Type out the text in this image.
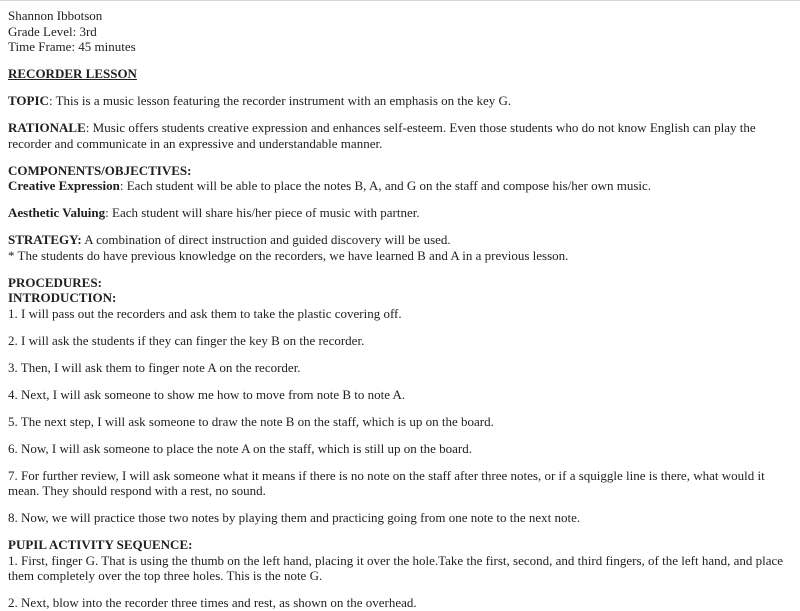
Shannon Ibbotson
Grade Level: 3rd
Time Frame: 45 minutes
RECORDER LESSON
TOPIC: This is a music lesson featuring the recorder instrument with an emphasis on the key G.
RATIONALE: Music offers students creative expression and enhances self-esteem. Even those students who do not know English can play the recorder and communicate in an expressive and understandable manner.
COMPONENTS/OBJECTIVES:
Creative Expression: Each student will be able to place the notes B, A, and G on the staff and compose his/her own music.
Aesthetic Valuing: Each student will share his/her piece of music with partner.
STRATEGY: A combination of direct instruction and guided discovery will be used.
* The students do have previous knowledge on the recorders, we have learned B and A in a previous lesson.
PROCEDURES:
INTRODUCTION:
1. I will pass out the recorders and ask them to take the plastic covering off.
2. I will ask the students if they can finger the key B on the recorder.
3. Then, I will ask them to finger note A on the recorder.
4. Next, I will ask someone to show me how to move from note B to note A.
5. The next step, I will ask someone to draw the note B on the staff, which is up on the board.
6. Now, I will ask someone to place the note A on the staff, which is still up on the board.
7. For further review, I will ask someone what it means if there is no note on the staff after three notes, or if a squiggle line is there, what would it mean. They should respond with a rest, no sound.
8. Now, we will practice those two notes by playing them and practicing going from one note to the next note.
PUPIL ACTIVITY SEQUENCE:
1. First, finger G. That is using the thumb on the left hand, placing it over the hole.Take the first, second, and third fingers, of the left hand, and place them completely over the top three holes. This is the note G.
2. Next, blow into the recorder three times and rest, as shown on the overhead.
